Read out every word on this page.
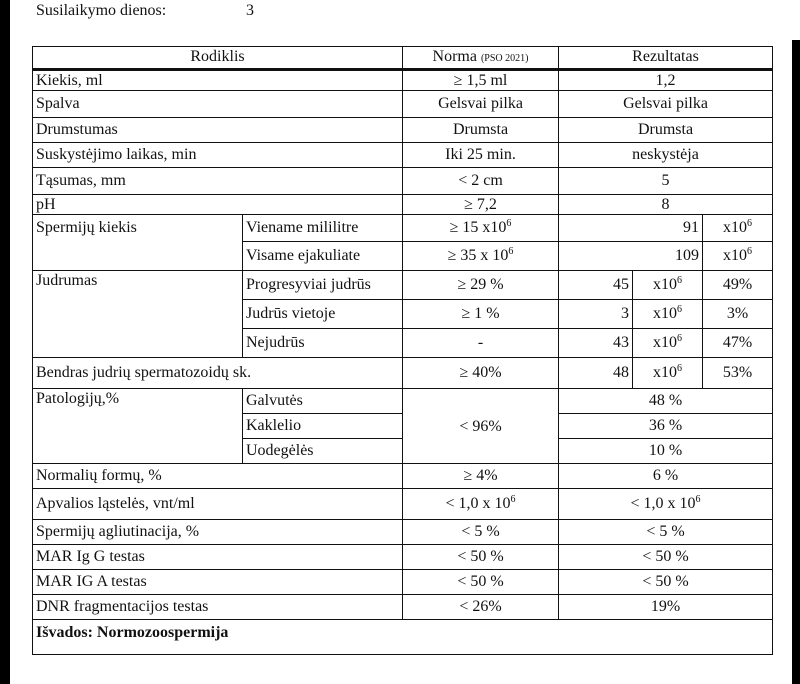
Susilaikymo dienos:	3
Rodiklis		Norma (PSO 2021)	Rezultatas		
Kiekis, ml		≥ 1,5 ml	1,2		
Spalva		Gelsvai pilka	Gelsvai pilka		
Drumstumas		Drumsta	Drumsta		
Suskystėjimo laikas, min		Iki 25 min.	neskystėja		
Tąsumas, mm		< 2 cm	5		
pH		≥ 7,2	8		
Spermijų kiekis	Viename mililitre	≥ 15 $x10^6$	91		$x10^6$
	Visame ejakuliate	≥ 35 x $10^6$	109		$x10^6$
Judrumas	Progresyviai judrūs	≥ 29 %	45	$x10^6$	49%
	Judrūs vietoje	≥ 1 %	3	$x10^6$	3%
	Nejudrūs	-	43	$x10^6$	47%
Bendras judrių spermatozoidų sk.		≥ 40%	48	$x10^6$	53%
Patologijų,%	Galvutės	< 96%	48 %		
	Kaklelio		36 %		
	Uodegėlės		10 %		
Normalių formų, %		≥ 4%	6 %		
Apvalios ląstelės, vnt/ml		< 1,0 x $10^6$	< 1,0 x $10^6$
Spermijų agliutinacija, %		< 5 %	< 5 %		
MAR Ig G testas		< 50 %	< 50 %		
MAR IG A testas		< 50 %	< 50 %		
DNR fragmentacijos testas		< 26%	19%		
Išvados: Normozoospermija					
